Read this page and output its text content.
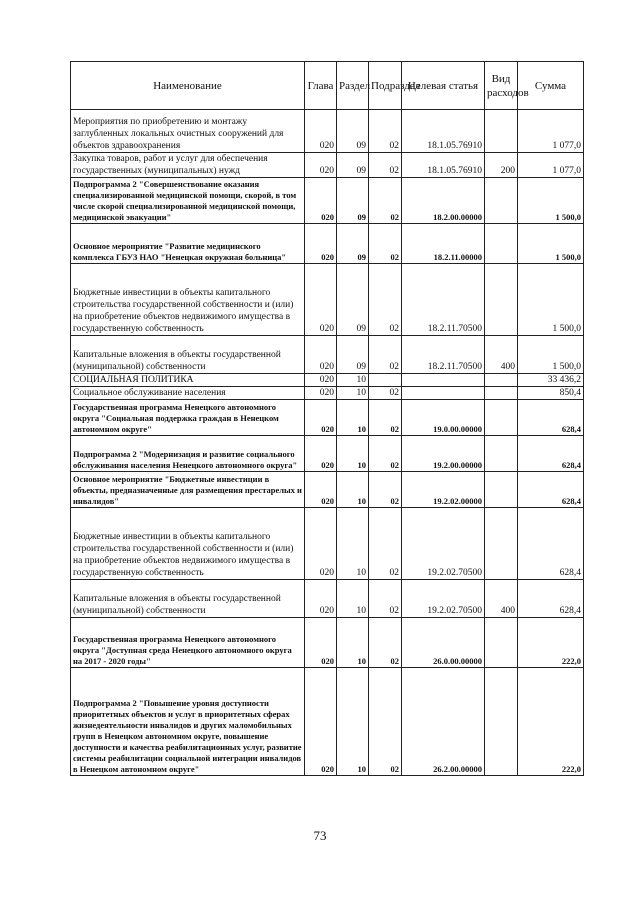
Наименование	Глава	Раздел	Подраздел	Целевая статья	Вид расходов	Сумма
Мероприятия по приобретению и монтажу заглубленных локальных очистных сооружений для объектов здравоохранения	020	09	02	18.1.05.76910		1 077,0
Закупка товаров, работ и услуг для обеспечения государственных (муниципальных) нужд	020	09	02	18.1.05.76910	200	1 077,0
Подпрограмма 2 "Совершенствование оказания специализированной медицинской помощи, скорой, в том числе скорой специализированной медицинской помощи, медицинской эвакуации"	020	09	02	18.2.00.00000		1 500,0
Основное мероприятие "Развитие медицинского комплекса ГБУЗ НАО "Ненецкая окружная больница"	020	09	02	18.2.11.00000		1 500,0
Бюджетные инвестиции в объекты капитального строительства государственной собственности и (или) на приобретение объектов недвижимого имущества в государственную собственность	020	09	02	18.2.11.70500		1 500,0
Капитальные вложения в объекты государственной (муниципальной) собственности	020	09	02	18.2.11.70500	400	1 500,0
СОЦИАЛЬНАЯ ПОЛИТИКА	020	10				33 436,2
Социальное обслуживание населения	020	10	02			850,4
Государственная программа Ненецкого автономного округа "Социальная поддержка граждан в Ненецком автономном округе"	020	10	02	19.0.00.00000		628,4
Подпрограмма 2 "Модернизация и развитие социального обслуживания населения Ненецкого автономного округа"	020	10	02	19.2.00.00000		628,4
Основное мероприятие "Бюджетные инвестиции в объекты, предназначенные для размещения престарелых и инвалидов"	020	10	02	19.2.02.00000		628,4
Бюджетные инвестиции в объекты капитального строительства государственной собственности и (или) на приобретение объектов недвижимого имущества в государственную собственность	020	10	02	19.2.02.70500		628,4
Капитальные вложения в объекты государственной (муниципальной) собственности	020	10	02	19.2.02.70500	400	628,4
Государственная программа Ненецкого автономного округа "Доступная среда Ненецкого автономного округа на 2017 - 2020 годы"	020	10	02	26.0.00.00000		222,0
Подпрограмма 2 "Повышение уровня доступности приоритетных объектов и услуг в приоритетных сферах жизнедеятельности инвалидов и других маломобильных групп в Ненецком автономном округе, повышение доступности и качества реабилитационных услуг, развитие системы реабилитации социальной интеграции инвалидов в Ненецком автономном округе"	020	10	02	26.2.00.00000		222,0
73
